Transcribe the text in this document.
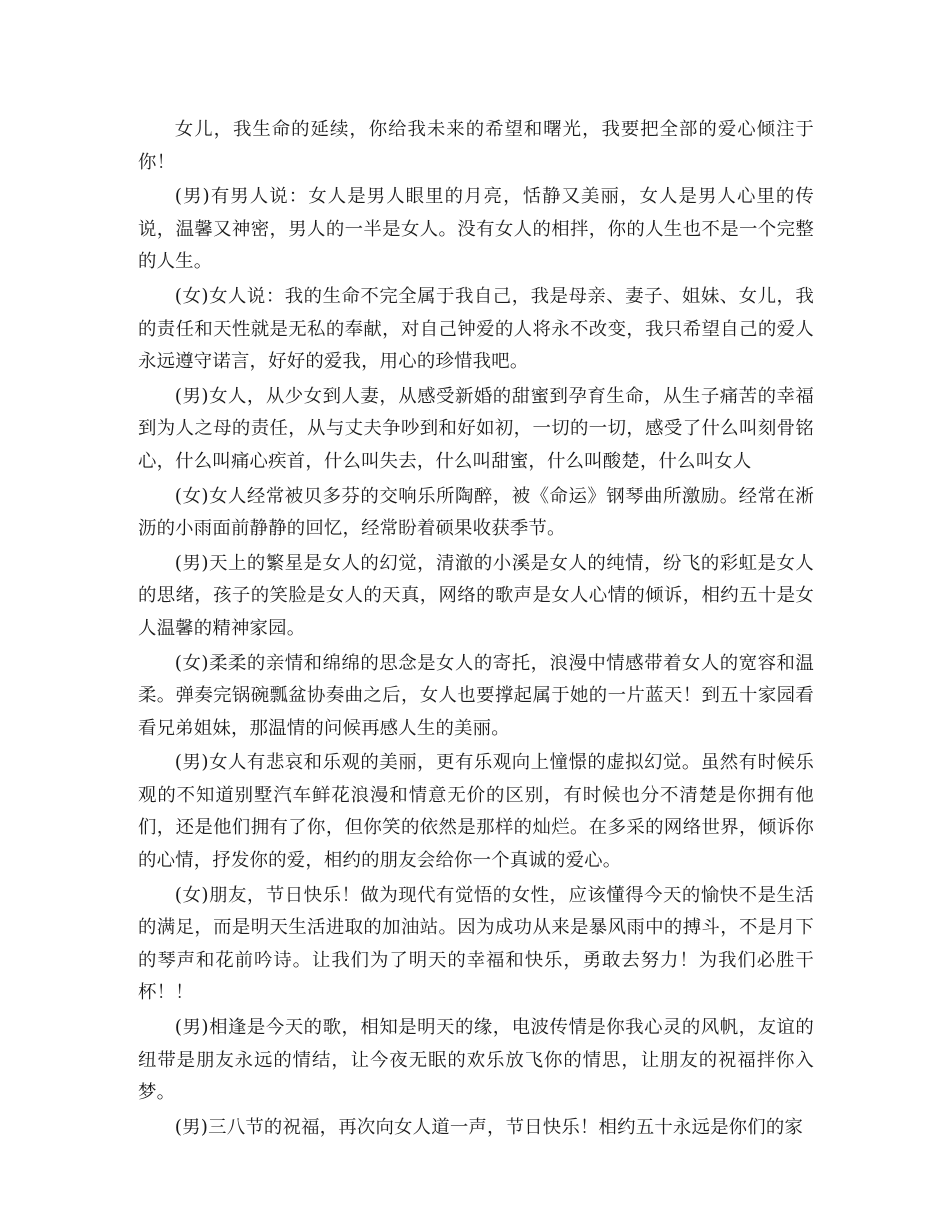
女儿，我生命的延续，你给我未来的希望和曙光，我要把全部的爱心倾注于你！

(男)有男人说：女人是男人眼里的月亮，恬静又美丽，女人是男人心里的传说，温馨又神密，男人的一半是女人。没有女人的相拌，你的人生也不是一个完整的人生。

(女)女人说：我的生命不完全属于我自己，我是母亲、妻子、姐妹、女儿，我的责任和天性就是无私的奉献，对自己钟爱的人将永不改变，我只希望自己的爱人永远遵守诺言，好好的爱我，用心的珍惜我吧。

(男)女人，从少女到人妻，从感受新婚的甜蜜到孕育生命，从生子痛苦的幸福到为人之母的责任，从与丈夫争吵到和好如初，一切的一切，感受了什么叫刻骨铭心，什么叫痛心疾首，什么叫失去，什么叫甜蜜，什么叫酸楚，什么叫女人

(女)女人经常被贝多芬的交响乐所陶醉，被《命运》钢琴曲所激励。经常在淅沥的小雨面前静静的回忆，经常盼着硕果收获季节。

(男)天上的繁星是女人的幻觉，清澈的小溪是女人的纯情，纷飞的彩虹是女人的思绪，孩子的笑脸是女人的天真，网络的歌声是女人心情的倾诉，相约五十是女人温馨的精神家园。

(女)柔柔的亲情和绵绵的思念是女人的寄托，浪漫中情感带着女人的宽容和温柔。弹奏完锅碗瓢盆协奏曲之后，女人也要撑起属于她的一片蓝天！到五十家园看看兄弟姐妹，那温情的问候再感人生的美丽。

(男)女人有悲哀和乐观的美丽，更有乐观向上憧憬的虚拟幻觉。虽然有时候乐观的不知道别墅汽车鲜花浪漫和情意无价的区别，有时候也分不清楚是你拥有他们，还是他们拥有了你，但你笑的依然是那样的灿烂。在多采的网络世界，倾诉你的心情，抒发你的爱，相约的朋友会给你一个真诚的爱心。

(女)朋友，节日快乐！做为现代有觉悟的女性，应该懂得今天的愉快不是生活的满足，而是明天生活进取的加油站。因为成功从来是暴风雨中的搏斗，不是月下的琴声和花前吟诗。让我们为了明天的幸福和快乐，勇敢去努力！为我们必胜干杯！！

(男)相逢是今天的歌，相知是明天的缘，电波传情是你我心灵的风帆，友谊的纽带是朋友永远的情结，让今夜无眠的欢乐放飞你的情思，让朋友的祝福拌你入梦。

(男)三八节的祝福，再次向女人道一声，节日快乐！相约五十永远是你们的家
